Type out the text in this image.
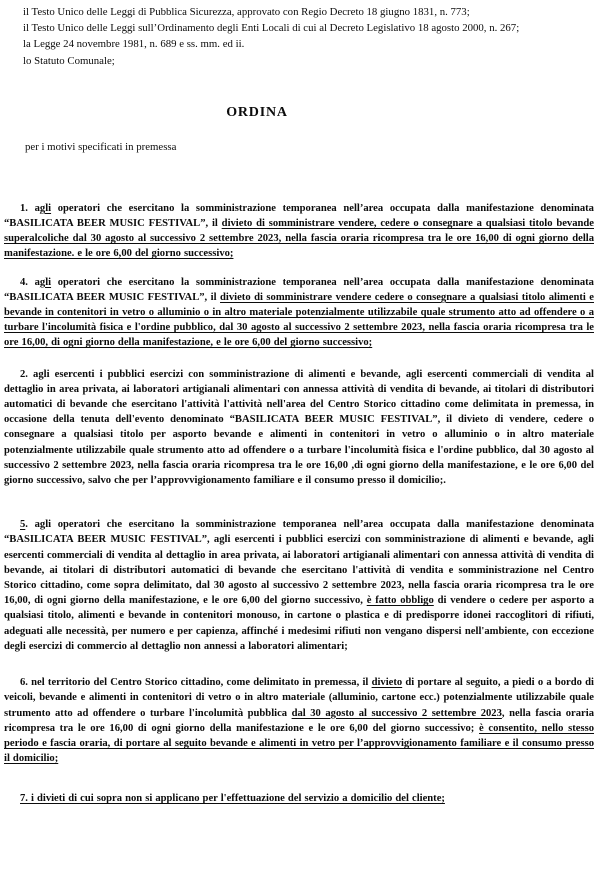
il Testo Unico delle Leggi di Pubblica Sicurezza, approvato con Regio Decreto 18 giugno 1831, n. 773;

il Testo Unico delle Leggi sull’Ordinamento degli Enti Locali di cui al Decreto Legislativo 18 agosto 2000, n. 267;

la Legge 24 novembre 1981, n. 689 e ss. mm. ed ii.

lo Statuto Comunale;

ORDINA

per i motivi specificati in premessa

1. agli operatori che esercitano la somministrazione temporanea nell’area occupata dalla manifestazione denominata “BASILICATA BEER MUSIC FESTIVAL”, il divieto di somministrare vendere, cedere o consegnare a qualsiasi titolo bevande superalcoliche dal 30 agosto al successivo 2 settembre 2023, nella fascia oraria ricompresa tra le ore 16,00 di ogni giorno della manifestazione. e le ore 6,00 del giorno successivo;

4. agli operatori che esercitano la somministrazione temporanea nell’area occupata dalla manifestazione denominata “BASILICATA BEER MUSIC FESTIVAL”, il divieto di somministrare vendere cedere o consegnare a qualsiasi titolo alimenti e bevande in contenitori in vetro o alluminio o in altro materiale potenzialmente utilizzabile quale strumento atto ad offendere o a turbare l'incolumità fisica e l'ordine pubblico, dal 30 agosto al successivo 2 settembre 2023, nella fascia oraria ricompresa tra le ore 16,00, di ogni giorno della manifestazione, e le ore 6,00 del giorno successivo;

2. agli esercenti i pubblici esercizi con somministrazione di alimenti e bevande, agli esercenti commerciali di vendita al dettaglio in area privata, ai laboratori artigianali alimentari con annessa attività di vendita di bevande, ai titolari di distributori automatici di bevande che esercitano l'attività l'attività nell'area del Centro Storico cittadino come delimitata in premessa, in occasione della tenuta dell'evento denominato “BASILICATA BEER MUSIC FESTIVAL”, il divieto di vendere, cedere o consegnare a qualsiasi titolo per asporto bevande e alimenti in contenitori in vetro o alluminio o in altro materiale potenzialmente utilizzabile quale strumento atto ad offendere o a turbare l'incolumità fisica e l'ordine pubblico, dal 30 agosto al successivo 2 settembre 2023, nella fascia oraria ricompresa tra le ore 16,00 ,di ogni giorno della manifestazione, e le ore 6,00 del giorno successivo, salvo che per l’approvvigionamento familiare e il consumo presso il domicilio;.

5. agli operatori che esercitano la somministrazione temporanea nell’area occupata dalla manifestazione denominata “BASILICATA BEER MUSIC FESTIVAL”, agli esercenti i pubblici esercizi con somministrazione di alimenti e bevande, agli esercenti commerciali di vendita al dettaglio in area privata, ai laboratori artigianali alimentari con annessa attività di vendita di bevande, ai titolari di distributori automatici di bevande che esercitano l'attività di vendita e somministrazione nel Centro Storico cittadino, come sopra delimitato, dal 30 agosto al successivo 2 settembre 2023, nella fascia oraria ricompresa tra le ore 16,00, di ogni giorno della manifestazione, e le ore 6,00 del giorno successivo, è fatto obbligo di vendere o cedere per asporto a qualsiasi titolo, alimenti e bevande in contenitori monouso, in cartone o plastica e di predisporre idonei raccoglitori di rifiuti, adeguati alle necessità, per numero e per capienza, affinché i medesimi rifiuti non vengano dispersi nell'ambiente, con eccezione degli esercizi di commercio al dettaglio non annessi a laboratori alimentari;

6. nel territorio del Centro Storico cittadino, come delimitato in premessa, il divieto di portare al seguito, a piedi o a bordo di veicoli, bevande e alimenti in contenitori di vetro o in altro materiale (alluminio, cartone ecc.) potenzialmente utilizzabile quale strumento atto ad offendere o turbare l'incolumità pubblica dal 30 agosto al successivo 2 settembre 2023, nella fascia oraria ricompresa tra le ore 16,00 di ogni giorno della manifestazione e le ore 6,00 del giorno successivo; è consentito, nello stesso periodo e fascia oraria, di portare al seguito bevande e alimenti in vetro per l’approvvigionamento familiare e il consumo presso il domicilio;

7. i divieti di cui sopra non si applicano per l'effettuazione del servizio a domicilio del cliente;
